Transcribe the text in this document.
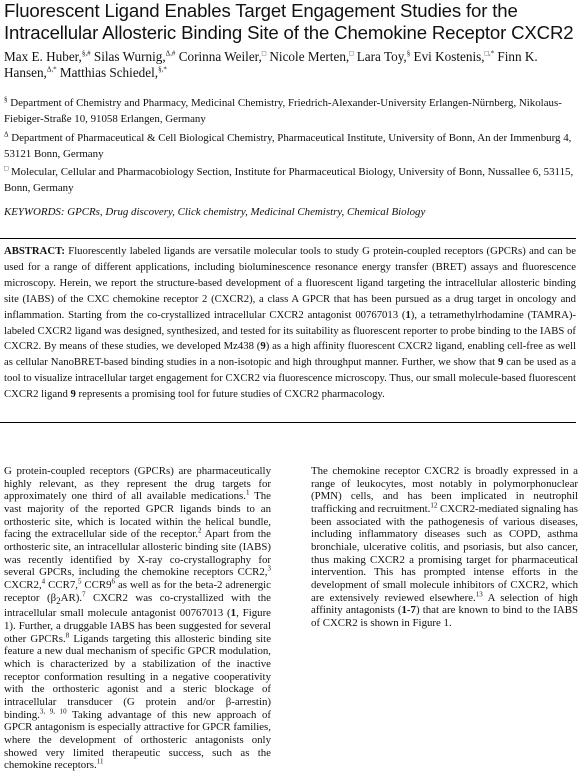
Fluorescent Ligand Enables Target Engagement Studies for the Intracellular Allosteric Binding Site of the Chemokine Receptor CXCR2
Max E. Huber,§,# Silas Wurnig,$^{\Delta,\#}$ Corinna Weiler,□ Nicole Merten,□ Lara Toy,§ Evi Kostenis,□,* Finn K. Hansen,$^{\Delta,*}$ Matthias Schiedel,§,*
§ Department of Chemistry and Pharmacy, Medicinal Chemistry, Friedrich-Alexander-University Erlangen-Nürnberg, Nikolaus-Fiebiger-Straße 10, 91058 Erlangen, Germany
$^\Delta$ Department of Pharmaceutical & Cell Biological Chemistry, Pharmaceutical Institute, University of Bonn, An der Immenburg 4, 53121 Bonn, Germany
□ Molecular, Cellular and Pharmacobiology Section, Institute for Pharmaceutical Biology, University of Bonn, Nussallee 6, 53115, Bonn, Germany
KEYWORDS: GPCRs, Drug discovery, Click chemistry, Medicinal Chemistry, Chemical Biology

ABSTRACT: Fluorescently labeled ligands are versatile molecular tools to study G protein-coupled receptors (GPCRs) and can be used for a range of different applications, including bioluminescence resonance energy transfer (BRET) assays and fluorescence microscopy. Herein, we report the structure-based development of a fluorescent ligand targeting the intracellular allosteric binding site (IABS) of the CXC chemokine receptor 2 (CXCR2), a class A GPCR that has been pursued as a drug target in oncology and inflammation. Starting from the co-crystallized intracellular CXCR2 antagonist 00767013 (1), a tetramethylrhodamine (TAMRA)-labeled CXCR2 ligand was designed, synthesized, and tested for its suitability as fluorescent reporter to probe binding to the IABS of CXCR2. By means of these studies, we developed Mz438 (9) as a high affinity fluorescent CXCR2 ligand, enabling cell-free as well as cellular NanoBRET-based binding studies in a non-isotopic and high throughput manner. Further, we show that 9 can be used as a tool to visualize intracellular target engagement for CXCR2 via fluorescence microscopy. Thus, our small molecule-based fluorescent CXCR2 ligand 9 represents a promising tool for future studies of CXCR2 pharmacology.

G protein-coupled receptors (GPCRs) are pharmaceutically highly relevant, as they represent the drug targets for approximately one third of all available medications.$^1$ The vast majority of the reported GPCR ligands binds to an orthosteric site, which is located within the helical bundle, facing the extracellular side of the receptor.$^2$ Apart from the orthosteric site, an intracellular allosteric binding site (IABS) was recently identified by X-ray co-crystallography for several GPCRs, including the chemokine receptors CCR2,$^3$ CXCR2,$^4$ CCR7,$^5$ $CCR9^6$ as well as for the beta-2 adrenergic receptor $(\beta_2AR).^7$ CXCR2 was co-crystallized with the intracellular small molecule antagonist 00767013 (1, Figure 1). Further, a druggable IABS has been suggested for several other GPCRs.$^8$ Ligands targeting this allosteric binding site feature a new dual mechanism of specific GPCR modulation, which is characterized by a stabilization of the inactive receptor conformation resulting in a negative cooperativity with the orthosteric agonist and a steric blockage of intracellular transducer (G protein and/or β-arrestin) binding.$^{3, 9, 10}$ Taking advantage of this new approach of GPCR antagonism is especially attractive for GPCR families, where the development of orthosteric antagonists only showed very limited therapeutic success, such as the chemokine receptors.$^{11}$

The chemokine receptor CXCR2 is broadly expressed in a range of leukocytes, most notably in polymorphonuclear (PMN) cells, and has been implicated in neutrophil trafficking and recruitment.$^{12}$ CXCR2-mediated signaling has been associated with the pathogenesis of various diseases, including inflammatory diseases such as COPD, asthma bronchiale, ulcerative colitis, and psoriasis, but also cancer, thus making CXCR2 a promising target for pharmaceutical intervention. This has prompted intense efforts in the development of small molecule inhibitors of CXCR2, which are extensively reviewed elsewhere.$^{13}$ A selection of high affinity antagonists (1-7) that are known to bind to the IABS of CXCR2 is shown in Figure 1.
